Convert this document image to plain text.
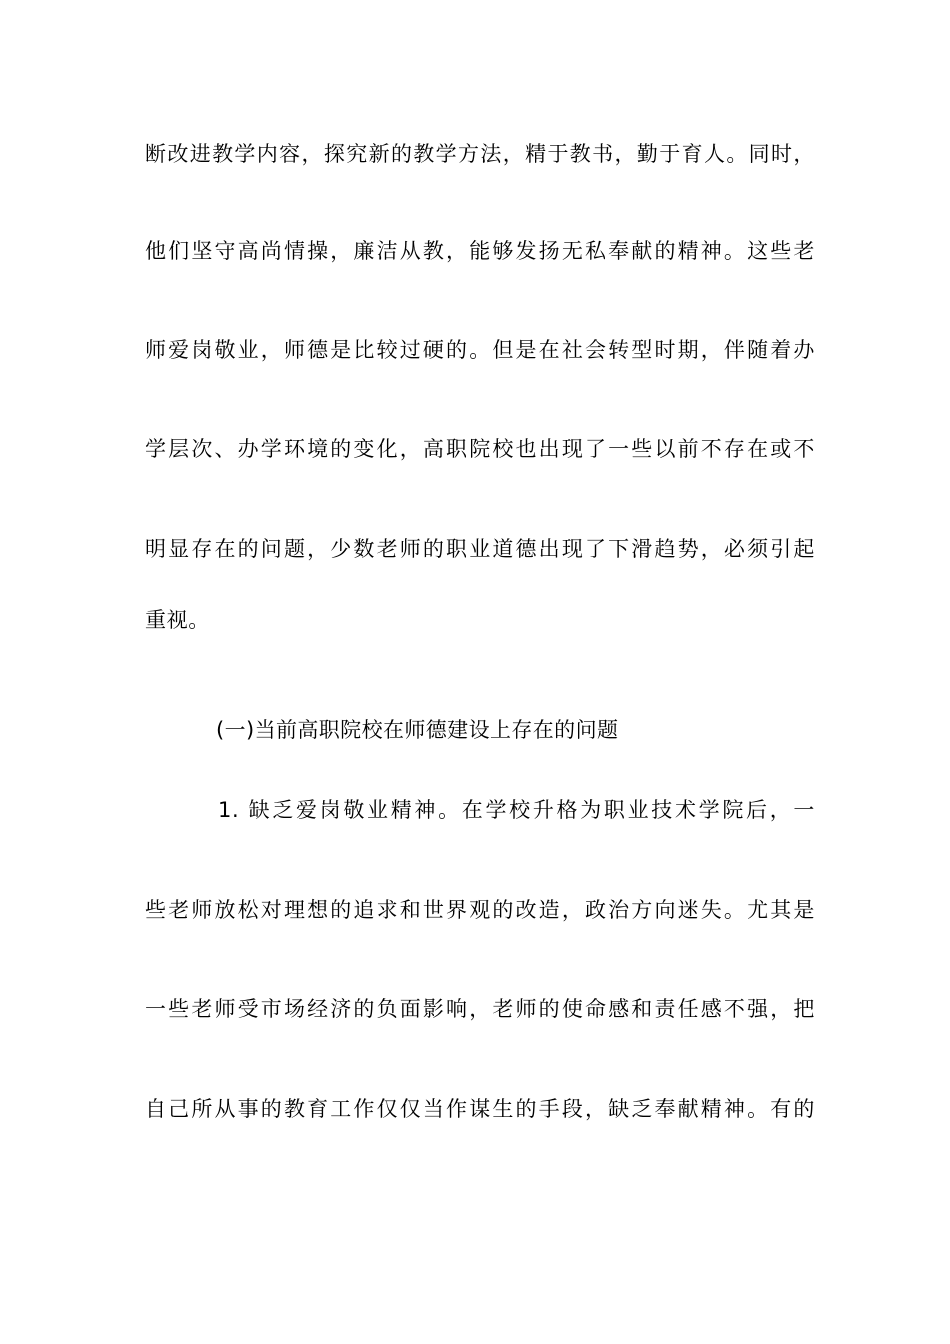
断改进教学内容，探究新的教学方法，精于教书，勤于育人。同时，
他们坚守高尚情操，廉洁从教，能够发扬无私奉献的精神。这些老
师爱岗敬业，师德是比较过硬的。但是在社会转型时期，伴随着办
学层次、办学环境的变化，高职院校也出现了一些以前不存在或不
明显存在的问题，少数老师的职业道德出现了下滑趋势，必须引起
重视。
(一)当前高职院校在师德建设上存在的问题
1. 缺乏爱岗敬业精神。在学校升格为职业技术学院后，一
些老师放松对理想的追求和世界观的改造，政治方向迷失。尤其是
一些老师受市场经济的负面影响，老师的使命感和责任感不强，把
自己所从事的教育工作仅仅当作谋生的手段，缺乏奉献精神。有的
